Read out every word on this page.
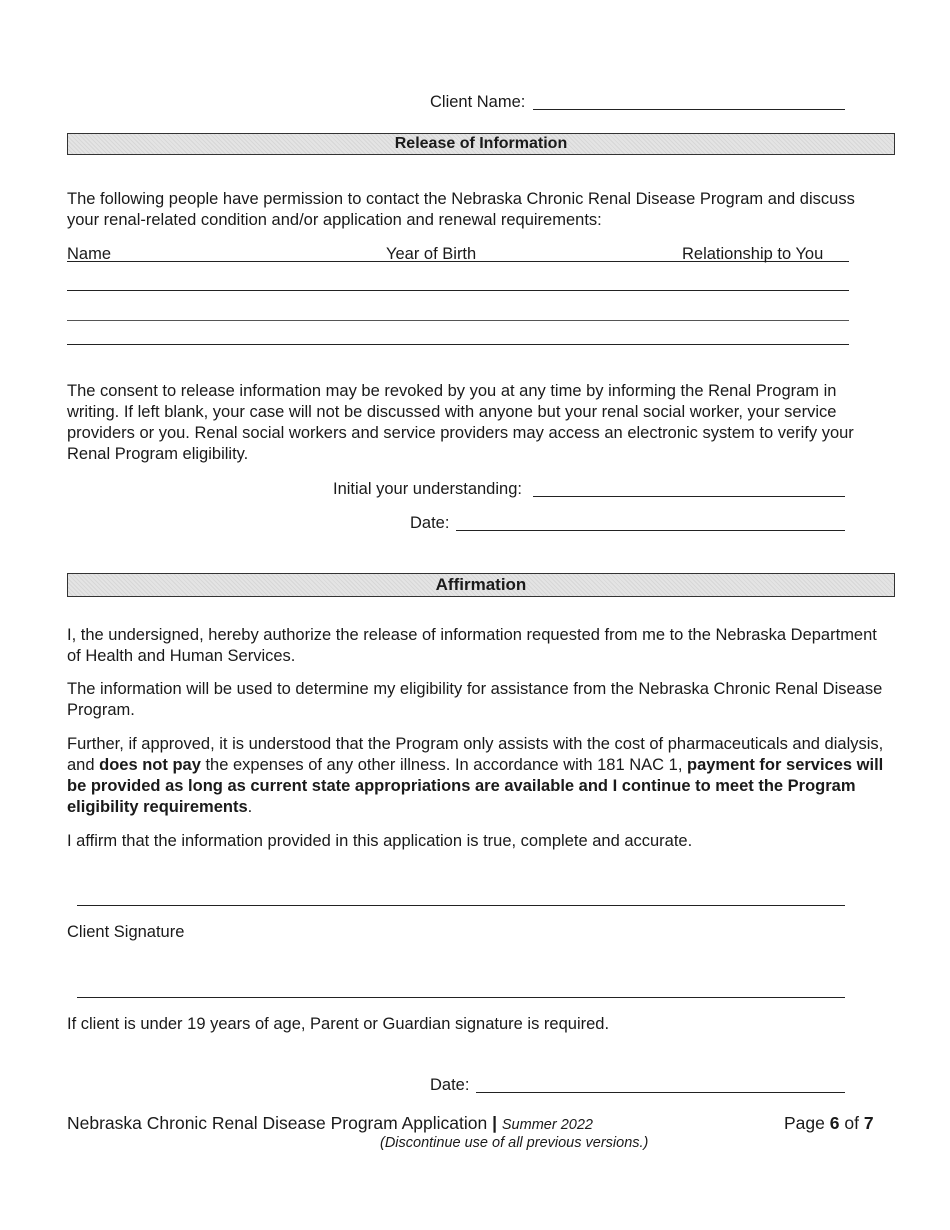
Client Name:
Release of Information
The following people have permission to contact the Nebraska Chronic Renal Disease Program and discuss your renal-related condition and/or application and renewal requirements:
Name	Year of Birth	Relationship to You
The consent to release information may be revoked by you at any time by informing the Renal Program in writing. If left blank, your case will not be discussed with anyone but your renal social worker, your service providers or you. Renal social workers and service providers may access an electronic system to verify your Renal Program eligibility.
Initial your understanding:
Date:
Affirmation
I, the undersigned, hereby authorize the release of information requested from me to the Nebraska Department of Health and Human Services.
The information will be used to determine my eligibility for assistance from the Nebraska Chronic Renal Disease Program.
Further, if approved, it is understood that the Program only assists with the cost of pharmaceuticals and dialysis, and does not pay the expenses of any other illness. In accordance with 181 NAC 1, payment for services will be provided as long as current state appropriations are available and I continue to meet the Program eligibility requirements.
I affirm that the information provided in this application is true, complete and accurate.
Client Signature
If client is under 19 years of age, Parent or Guardian signature is required.
Date:
Nebraska Chronic Renal Disease Program Application | Summer 2022
(Discontinue use of all previous versions.)
Page 6 of 7
